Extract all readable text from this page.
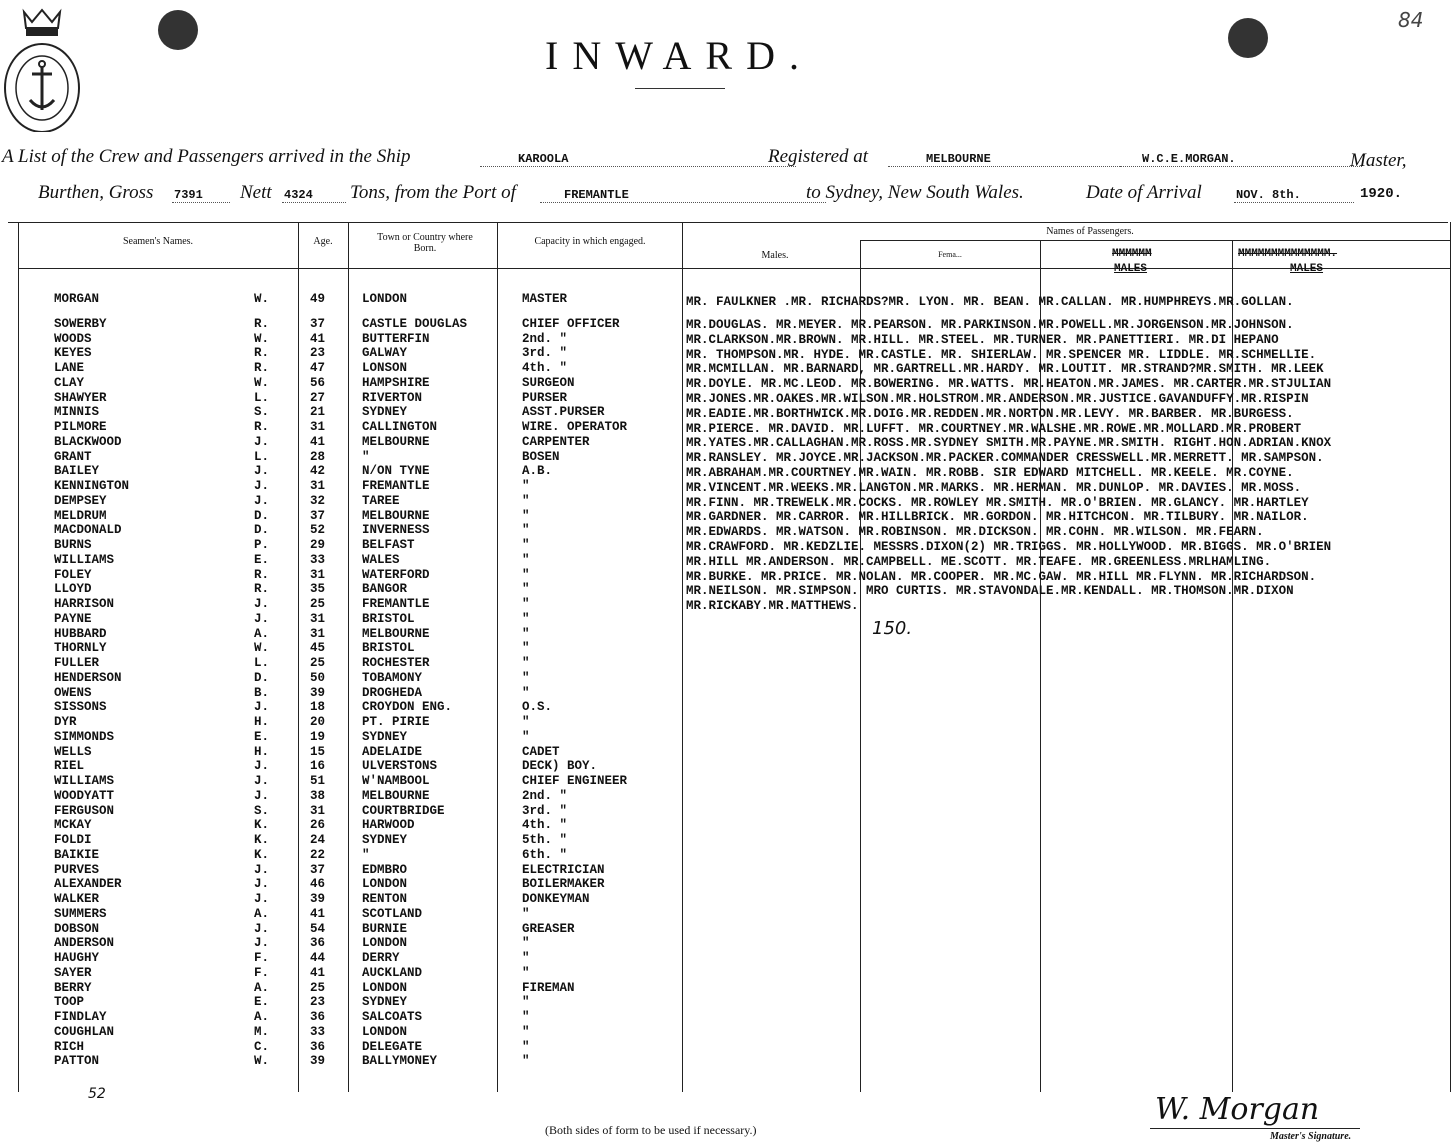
84
INWARD.
A List of the Crew and Passengers arrived in the Ship	KAROOLA	Registered at	MELBOURNE	W.C.E.MORGAN.	Master,
Burthen, Gross 7391	Nett 4324	Tons, from the Port of	FREMANTLE	to Sydney, New South Wales.	Date of Arrival	NOV. 8th.	1920.
Seamen's Names.	Age.	Town or Country where Born.
Capacity in which engaged.
Names of Passengers.
Males.	Fema...	MMMMMM
MALES
MMMMMMMMMMMMMM.
MALES
MORGAN	W.	49	LONDON	MASTER
SOWERBY	R.	37	CASTLE DOUGLAS	CHIEF OFFICER
WOODS	W.	41	BUTTERFIN	2nd. "
KEYES	R.	23	GALWAY	3rd. "
LANE	R.	47	LONSON	4th. "
CLAY	W.	56	HAMPSHIRE	SURGEON
SHAWYER	L.	27	RIVERTON	PURSER
MINNIS	S.	21	SYDNEY	ASST.PURSER
PILMORE	R.	31	CALLINGTON	WIRE. OPERATOR
BLACKWOOD	J.	41	MELBOURNE	CARPENTER
GRANT	L.	28	"	BOSEN
BAILEY	J.	42	N/ON TYNE	A.B.
KENNINGTON	J.	31	FREMANTLE	"
DEMPSEY	J.	32	TAREE	"
MELDRUM	D.	37	MELBOURNE	"
MACDONALD	D.	52	INVERNESS	"
BURNS	P.	29	BELFAST	"
WILLIAMS	E.	33	WALES	"
FOLEY	R.	31	WATERFORD	"
LLOYD	R.	35	BANGOR	"
HARRISON	J.	25	FREMANTLE	"
PAYNE	J.	31	BRISTOL	"
HUBBARD	A.	31	MELBOURNE	"
THORNLY	W.	45	BRISTOL	"
FULLER	L.	25	ROCHESTER	"
HENDERSON	D.	50	TOBAMONY	"
OWENS	B.	39	DROGHEDA	"
SISSONS	J.	18	CROYDON ENG.	O.S.
DYR	H.	20	PT. PIRIE	"
SIMMONDS	E.	19	SYDNEY	"
WELLS	H.	15	ADELAIDE	CADET
RIEL	J.	16	ULVERSTONS	DECK) BOY.
WILLIAMS	J.	51	W'NAMBOOL	CHIEF ENGINEER
WOODYATT	J.	38	MELBOURNE	2nd. "
FERGUSON	S.	31	COURTBRIDGE	3rd. "
MCKAY	K.	26	HARWOOD	4th. "
FOLDI	K.	24	SYDNEY	5th. "
BAIKIE	K.	22	"	6th. "
PURVES	J.	37	EDMBRO	ELECTRICIAN
ALEXANDER	J.	46	LONDON	BOILERMAKER
WALKER	J.	39	RENTON	DONKEYMAN
SUMMERS	A.	41	SCOTLAND	"
DOBSON	J.	54	BURNIE	GREASER
ANDERSON	J.	36	LONDON	"
HAUGHY	F.	44	DERRY	"
SAYER	F.	41	AUCKLAND	"
BERRY	A.	25	LONDON	FIREMAN
TOOP	E.	23	SYDNEY	"
FINDLAY	A.	36	SALCOATS	"
COUGHLAN	M.	33	LONDON	"
RICH	C.	36	DELEGATE	"
PATTON	W.	39	BALLYMONEY	"
MR. FAULKNER .MR. RICHARDS?MR. LYON. MR. BEAN. MR.CALLAN. MR.HUMPHREYS.MR.GOLLAN.
MR.DOUGLAS. MR.MEYER. MR.PEARSON. MR.PARKINSON.MR.POWELL.MR.JORGENSON.MR.JOHNSON.
MR.CLARKSON.MR.BROWN. MR.HILL. MR.STEEL. MR.TURNER. MR.PANETTIERI. MR.DI HEPANO
MR. THOMPSON.MR. HYDE. MR.CASTLE. MR. SHIERLAW. MR.SPENCER MR. LIDDLE. MR.SCHMELLIE.
MR.MCMILLAN. MR.BARNARD, MR.GARTRELL.MR.HARDY. MR.LOUTIT. MR.STRAND?MR.SMITH. MR.LEEK
MR.DOYLE. MR.MC.LEOD. MR.BOWERING. MR.WATTS. MR.HEATON.MR.JAMES. MR.CARTER.MR.STJULIAN
MR.JONES.MR.OAKES.MR.WILSON.MR.HOLSTROM.MR.ANDERSON.MR.JUSTICE.GAVANDUFFY.MR.RISPIN
MR.EADIE.MR.BORTHWICK.MR.DOIG.MR.REDDEN.MR.NORTON.MR.LEVY. MR.BARBER. MR.BURGESS.
MR.PIERCE. MR.DAVID. MR.LUFFT. MR.COURTNEY.MR.WALSHE.MR.ROWE.MR.MOLLARD.MR.PROBERT
MR.YATES.MR.CALLAGHAN.MR.ROSS.MR.SYDNEY SMITH.MR.PAYNE.MR.SMITH. RIGHT.HON.ADRIAN.KNOX
MR.RANSLEY. MR.JOYCE.MR.JACKSON.MR.PACKER.COMMANDER CRESSWELL.MR.MERRETT. MR.SAMPSON.
MR.ABRAHAM.MR.COURTNEY.MR.WAIN. MR.ROBB. SIR EDWARD MITCHELL. MR.KEELE. MR.COYNE.
MR.VINCENT.MR.WEEKS.MR.LANGTON.MR.MARKS. MR.HERMAN. MR.DUNLOP. MR.DAVIES. MR.MOSS.
MR.FINN. MR.TREWELK.MR.COCKS. MR.ROWLEY MR.SMITH. MR.O'BRIEN. MR.GLANCY. MR.HARTLEY
MR.GARDNER. MR.CARROR. MR.HILLBRICK. MR.GORDON. MR.HITCHCON. MR.TILBURY. MR.NAILOR.
MR.EDWARDS. MR.WATSON. MR.ROBINSON. MR.DICKSON. MR.COHN. MR.WILSON. MR.FEARN.
MR.CRAWFORD. MR.KEDZLIE. MESSRS.DIXON(2) MR.TRIGGS. MR.HOLLYWOOD. MR.BIGGS. MR.O'BRIEN
MR.HILL MR.ANDERSON. MR.CAMPBELL. ME.SCOTT. MR.TEAFE. MR.GREENLESS.MRLHAMLING.
MR.BURKE. MR.PRICE. MR.NOLAN. MR.COOPER. MR.MC.GAW. MR.HILL MR.FLYNN. MR.RICHARDSON.
MR.NEILSON. MR.SIMPSON. MRO CURTIS. MR.STAVONDALE.MR.KENDALL. MR.THOMSON.MR.DIXON
MR.RICKABY.MR.MATTHEWS.
150.
52
(Both sides of form to be used if necessary.)
W. Morgan
Master's Signature.
